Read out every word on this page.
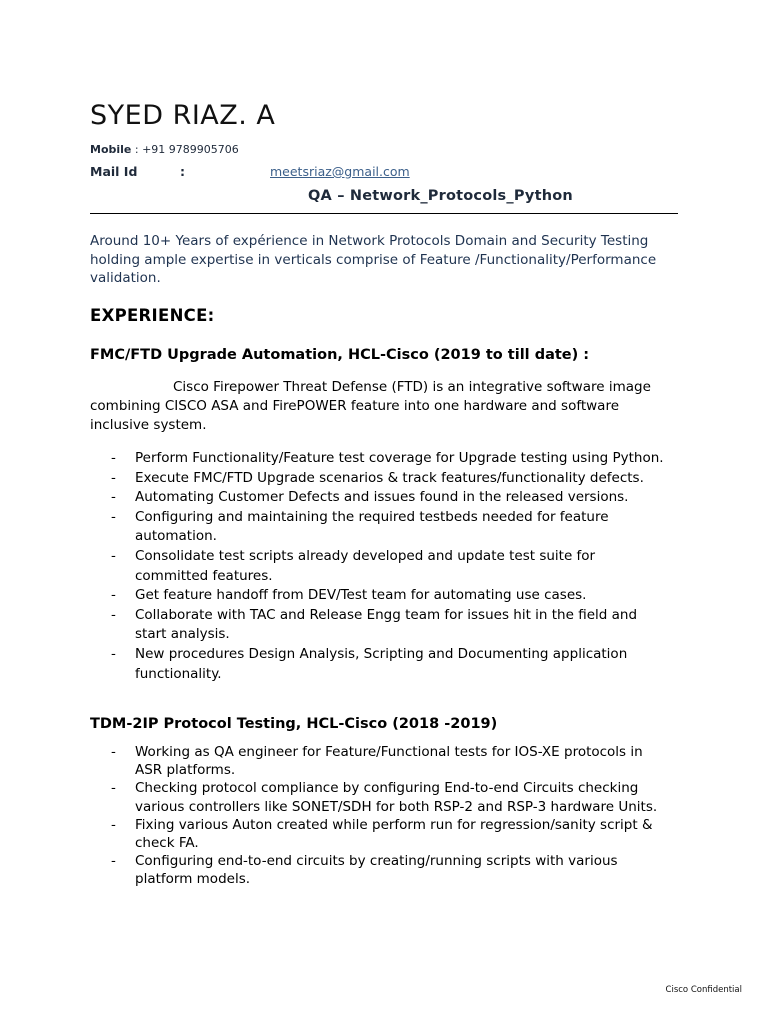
SYED RIAZ. A
Mobile : +91 9789905706
Mail Id	:	meetsriaz@gmail.com
QA – Network_Protocols_Python

Around 10+ Years of expérience in Network Protocols Domain and Security Testing holding ample expertise in verticals comprise of Feature /Functionality/Performance validation.

EXPERIENCE:
FMC/FTD Upgrade Automation, HCL-Cisco (2019 to till date) :

Cisco Firepower Threat Defense (FTD) is an integrative software image combining CISCO ASA and FirePOWER feature into one hardware and software inclusive system.

- Perform Functionality/Feature test coverage for Upgrade testing using Python.
- Execute FMC/FTD Upgrade scenarios & track features/functionality defects.
- Automating Customer Defects and issues found in the released versions.
- Configuring and maintaining the required testbeds needed for feature automation.
- Consolidate test scripts already developed and update test suite for committed features.
- Get feature handoff from DEV/Test team for automating use cases.
- Collaborate with TAC and Release Engg team for issues hit in the field and start analysis.
- New procedures Design Analysis, Scripting and Documenting application functionality.
TDM-2IP Protocol Testing, HCL-Cisco (2018 -2019)
- Working as QA engineer for Feature/Functional tests for IOS-XE protocols in ASR platforms.
- Checking protocol compliance by configuring End-to-end Circuits checking various controllers like SONET/SDH for both RSP-2 and RSP-3 hardware Units.
- Fixing various Auton created while perform run for regression/sanity script & check FA.
- Configuring end-to-end circuits by creating/running scripts with various platform models.
Cisco Confidential
